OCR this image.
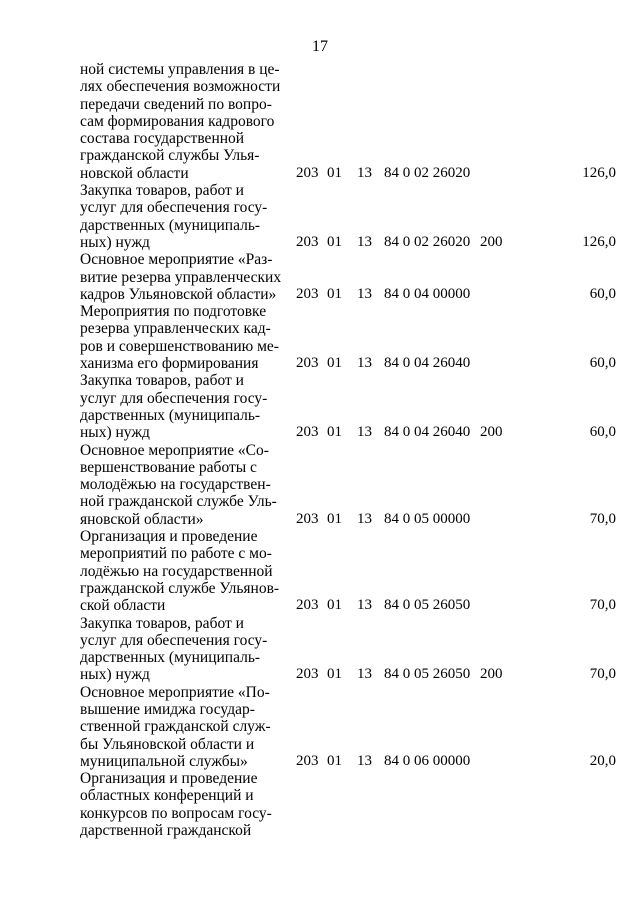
17
ной системы управления в це-
лях обеспечения возможности
передачи сведений по вопро-
сам формирования кадрового
состава государственной
гражданской службы Улья-
новской области	203 01 13 84 0 02 26020	126,0
Закупка товаров, работ и
услуг для обеспечения госу-
дарственных (муниципаль-
ных) нужд	203 01 13 84 0 02 26020 200	126,0
Основное мероприятие «Раз-
витие резерва управленческих
кадров Ульяновской области»	203 01 13 84 0 04 00000	60,0
Мероприятия по подготовке
резерва управленческих кад-
ров и совершенствованию ме-
ханизма его формирования	203 01 13 84 0 04 26040	60,0
Закупка товаров, работ и
услуг для обеспечения госу-
дарственных (муниципаль-
ных) нужд	203 01 13 84 0 04 26040 200	60,0
Основное мероприятие «Со-
вершенствование работы с
молодёжью на государствен-
ной гражданской службе Уль-
яновской области»	203 01 13 84 0 05 00000	70,0
Организация и проведение
мероприятий по работе с мо-
лодёжью на государственной
гражданской службе Ульянов-
ской области	203 01 13 84 0 05 26050	70,0
Закупка товаров, работ и
услуг для обеспечения госу-
дарственных (муниципаль-
ных) нужд	203 01 13 84 0 05 26050 200	70,0
Основное мероприятие «По-
вышение имиджа государ-
ственной гражданской служ-
бы Ульяновской области и
муниципальной службы»	203 01 13 84 0 06 00000	20,0
Организация и проведение
областных конференций и
конкурсов по вопросам госу-
дарственной гражданской
